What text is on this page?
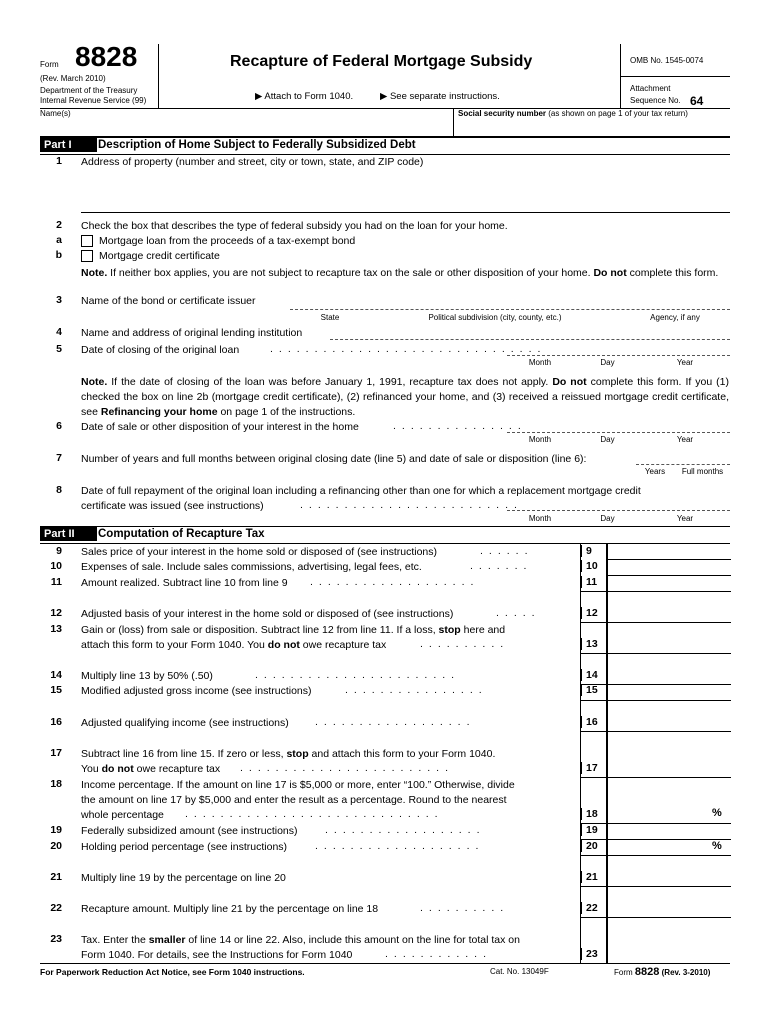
Form 8828
(Rev. March 2010)
Department of the Treasury
Internal Revenue Service (99)
Recapture of Federal Mortgage Subsidy
▶ Attach to Form 1040.	▶ See separate instructions.
OMB No. 1545-0074
Attachment
Sequence No. 64
Name(s)	Social security number (as shown on page 1 of your tax return)
Part I	Description of Home Subject to Federally Subsidized Debt
1 Address of property (number and street, city or town, state, and ZIP code)
2 Check the box that describes the type of federal subsidy you had on the loan for your home.
a	Mortgage loan from the proceeds of a tax-exempt bond
b	Mortgage credit certificate
Note. If neither box applies, you are not subject to recapture tax on the sale or other disposition of your home. Do not complete this form.
3 Name of the bond or certificate issuer
State	Political subdivision (city, county, etc.)	Agency, if any
4 Name and address of original lending institution
5 Date of closing of the original loan	...............................
Month	Day	Year
Note. If the date of closing of the loan was before January 1, 1991, recapture tax does not apply. Do not complete this form. If you (1) checked the box on line 2b (mortgage credit certificate), (2) refinanced your home, and (3) received a reissued mortgage credit certificate, see Refinancing your home on page 1 of the instructions.
6 Date of sale or other disposition of your interest in the home	...............
Month	Day	Year
7 Number of years and full months between original closing date (line 5) and date of sale or disposition (line 6):
Years	Full months
8 Date of full repayment of the original loan including a refinancing other than one for which a replacement mortgage credit
certificate was issued (see instructions)	.........................
Month	Day	Year
Part II	Computation of Recapture Tax
9 Sales price of your interest in the home sold or disposed of (see instructions)	......	9
10 Expenses of sale. Include sales commissions, advertising, legal fees, etc.	.......	10
11 Amount realized. Subtract line 10 from line 9 ...................	11
12 Adjusted basis of your interest in the home sold or disposed of (see instructions)	.....	12
13 Gain or (loss) from sale or disposition. Subtract line 12 from line 11. If a loss, stop here and
attach this form to your Form 1040. You do not owe recapture tax	..........	13
14 Multiply line 13 by 50% (.50)	.......................	14
15 Modified adjusted gross income (see instructions)	................	15
16 Adjusted qualifying income (see instructions) ..................	16
17 Subtract line 16 from line 15. If zero or less, stop and attach this form to your Form 1040.
You do not owe recapture tax ........................	17
18 Income percentage. If the amount on line 17 is $5,000 or more, enter “100.” Otherwise, divide
the amount on line 17 by $5,000 and enter the result as a percentage. Round to the nearest
whole percentage .............................	18	%
19 Federally subsidized amount (see instructions)	..................	19
20 Holding period percentage (see instructions)	...................	20	%
21 Multiply line 19 by the percentage on line 20	21
22 Recapture amount. Multiply line 21 by the percentage on line 18	..........	22
23 Tax. Enter the smaller of line 14 or line 22. Also, include this amount on the line for total tax on
Form 1040. For details, see the Instructions for Form 1040	............	23
For Paperwork Reduction Act Notice, see Form 1040 instructions.	Cat. No. 13049F	Form 8828 (Rev. 3-2010)
